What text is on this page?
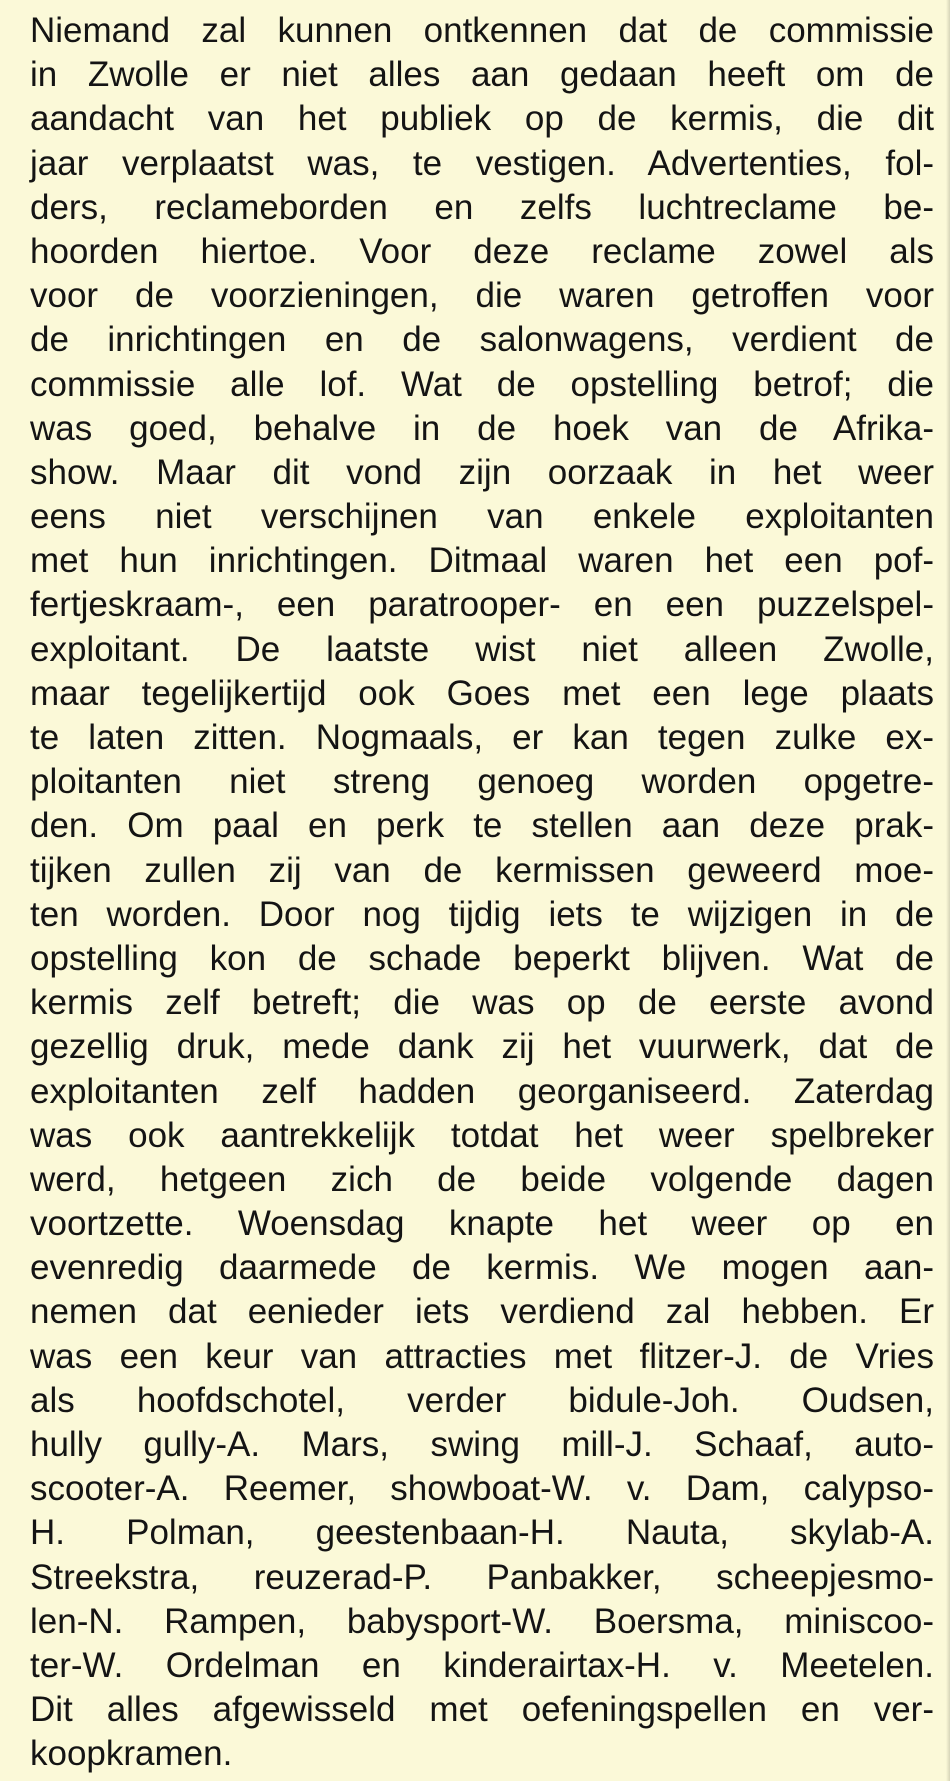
Niemand zal kunnen ontkennen dat de commissie
in Zwolle er niet alles aan gedaan heeft om de
aandacht van het publiek op de kermis, die dit
jaar verplaatst was, te vestigen. Advertenties, fol-
ders, reclameborden en zelfs luchtreclame be-
hoorden hiertoe. Voor deze reclame zowel als
voor de voorzieningen, die waren getroffen voor
de inrichtingen en de salonwagens, verdient de
commissie alle lof. Wat de opstelling betrof; die
was goed, behalve in de hoek van de Afrika-
show. Maar dit vond zijn oorzaak in het weer
eens niet verschijnen van enkele exploitanten
met hun inrichtingen. Ditmaal waren het een pof-
fertjeskraam-, een paratrooper- en een puzzelspel-
exploitant. De laatste wist niet alleen Zwolle,
maar tegelijkertijd ook Goes met een lege plaats
te laten zitten. Nogmaals, er kan tegen zulke ex-
ploitanten niet streng genoeg worden opgetre-
den. Om paal en perk te stellen aan deze prak-
tijken zullen zij van de kermissen geweerd moe-
ten worden. Door nog tijdig iets te wijzigen in de
opstelling kon de schade beperkt blijven. Wat de
kermis zelf betreft; die was op de eerste avond
gezellig druk, mede dank zij het vuurwerk, dat de
exploitanten zelf hadden georganiseerd. Zaterdag
was ook aantrekkelijk totdat het weer spelbreker
werd, hetgeen zich de beide volgende dagen
voortzette. Woensdag knapte het weer op en
evenredig daarmede de kermis. We mogen aan-
nemen dat eenieder iets verdiend zal hebben. Er
was een keur van attracties met flitzer-J. de Vries
als hoofdschotel, verder bidule-Joh. Oudsen,
hully gully-A. Mars, swing mill-J. Schaaf, auto-
scooter-A. Reemer, showboat-W. v. Dam, calypso-
H. Polman, geestenbaan-H. Nauta, skylab-A.
Streekstra, reuzerad-P. Panbakker, scheepjesmo-
len-N. Rampen, babysport-W. Boersma, miniscoo-
ter-W. Ordelman en kinderairtax-H. v. Meetelen.
Dit alles afgewisseld met oefeningspellen en ver-
koopkramen.
